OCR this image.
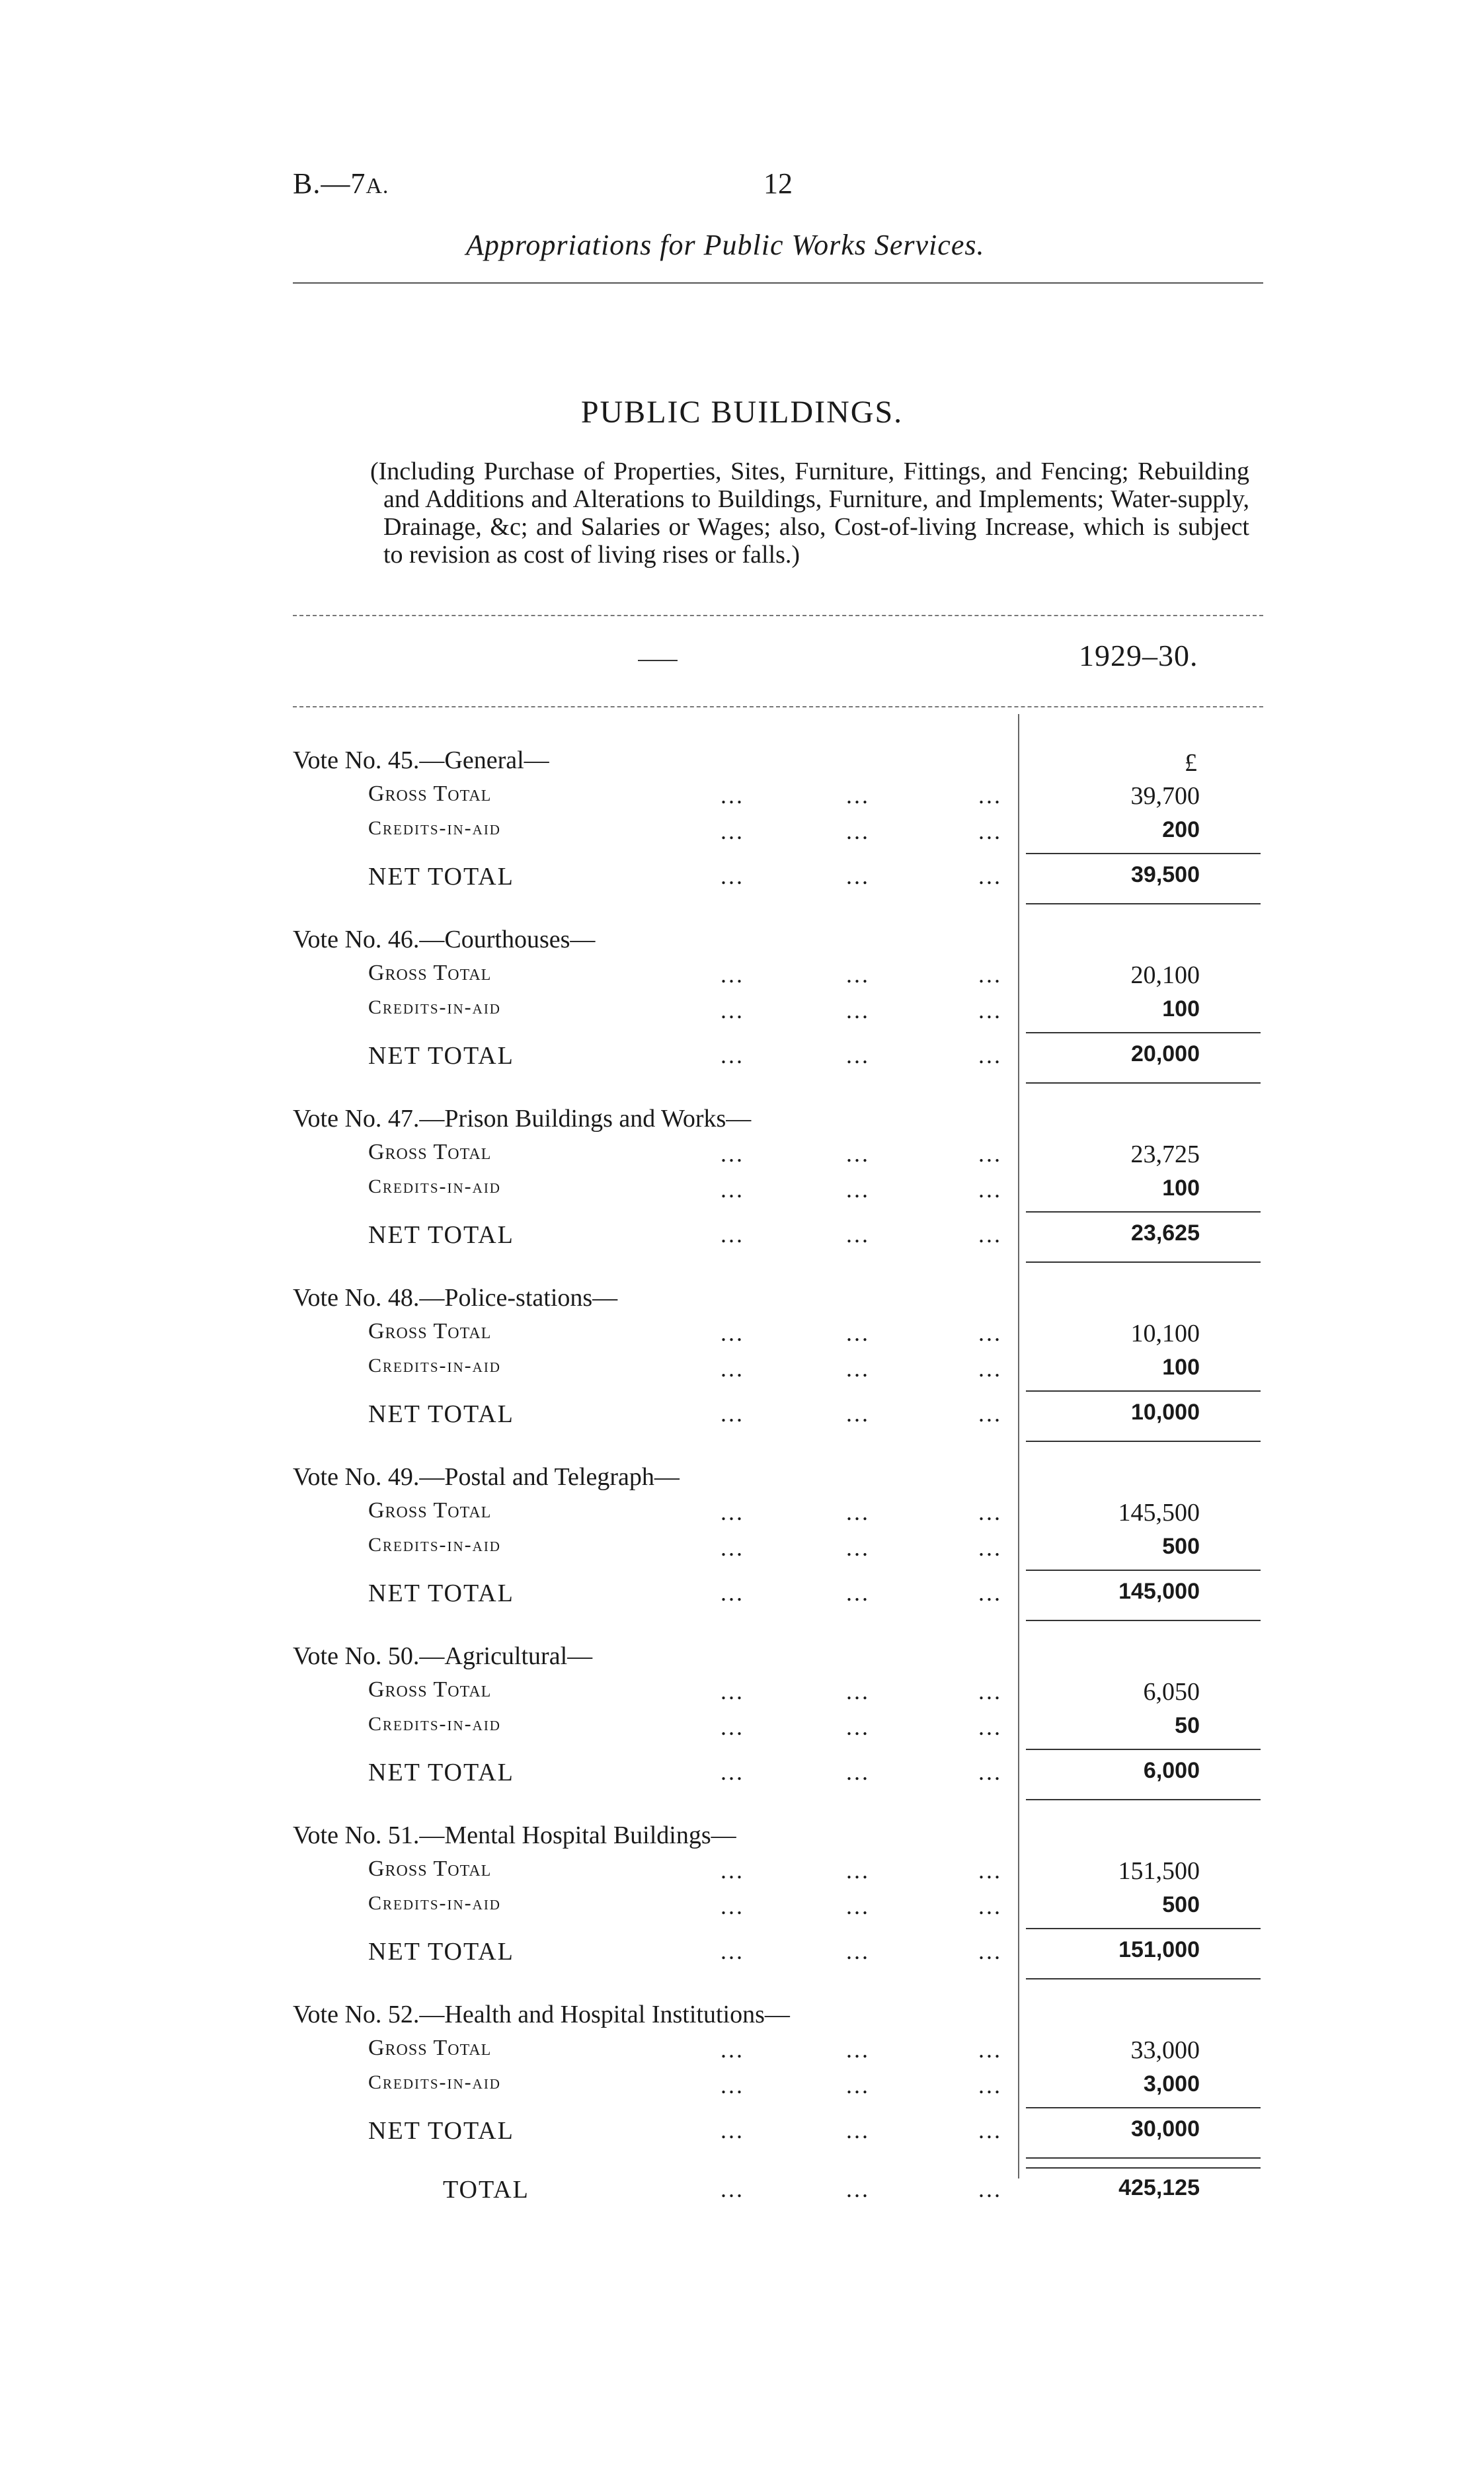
B.—7A.	12
Appropriations for Public Works Services.
PUBLIC BUILDINGS.
(Including Purchase of Properties, Sites, Furniture, Fittings, and Fencing; Rebuilding and Additions and Alterations to Buildings, Furniture, and Implements; Water-supply, Drainage, &c; and Salaries or Wages; also, Cost-of-living Increase, which is subject to revision as cost of living rises or falls.)
1929–30.
£
Vote No. 45.—General—
Gross Total	...	...	...	39,700
Credits-in-aid	...	...	...	200
NET TOTAL	...	...	...	39,500
Vote No. 46.—Courthouses—
Gross Total	...	...	...	20,100
Credits-in-aid	...	...	...	100
NET TOTAL	...	...	...	20,000
Vote No. 47.—Prison Buildings and Works—
Gross Total	...	...	...	23,725
Credits-in-aid	...	...	...	100
NET TOTAL	...	...	...	23,625
Vote No. 48.—Police-stations—
Gross Total	...	...	...	10,100
Credits-in-aid	...	...	...	100
NET TOTAL	...	...	...	10,000
Vote No. 49.—Postal and Telegraph—
Gross Total	...	...	...	145,500
Credits-in-aid	...	...	...	500
NET TOTAL	...	...	...	145,000
Vote No. 50.—Agricultural—
Gross Total	...	...	...	6,050
Credits-in-aid	...	...	...	50
NET TOTAL	...	...	...	6,000
Vote No. 51.—Mental Hospital Buildings—
Gross Total	...	...	...	151,500
Credits-in-aid	...	...	...	500
NET TOTAL	...	...	...	151,000
Vote No. 52.—Health and Hospital Institutions—
Gross Total	...	...	...	33,000
Credits-in-aid	...	...	...	3,000
NET TOTAL	...	...	...	30,000
TOTAL	...	...	...	425,125
